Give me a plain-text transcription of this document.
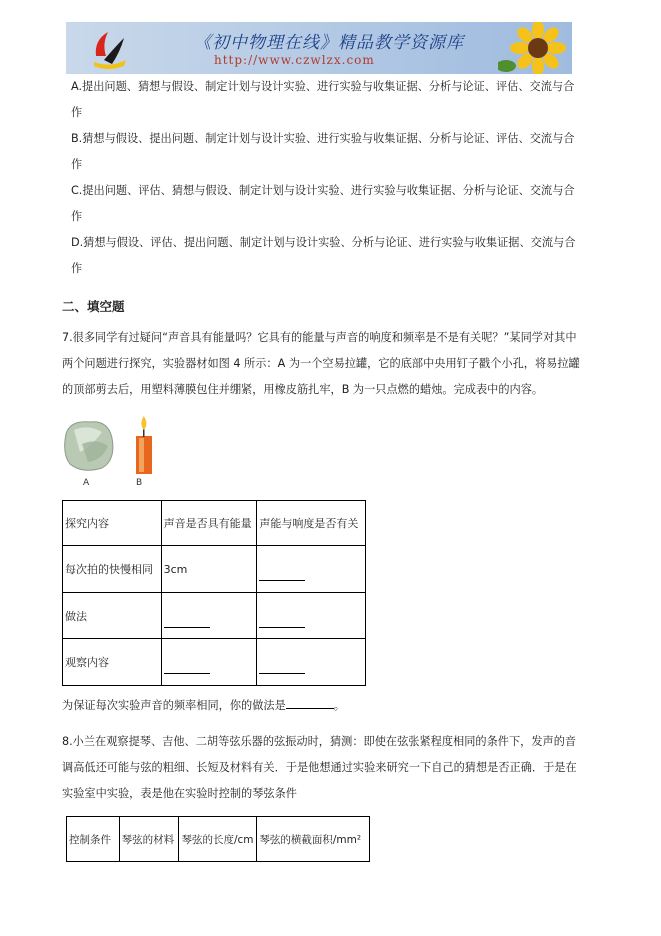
《初中物理在线》精品教学资源库
http://www.czwlzx.com
A.提出问题、猜想与假设、制定计划与设计实验、进行实验与收集证据、分析与论证、评估、交流与合
作
B.猜想与假设、提出问题、制定计划与设计实验、进行实验与收集证据、分析与论证、评估、交流与合
作
C.提出问题、评估、猜想与假设、制定计划与设计实验、进行实验与收集证据、分析与论证、交流与合
作
D.猜想与假设、评估、提出问题、制定计划与设计实验、分析与论证、进行实验与收集证据、交流与合
作
二、填空题
7.很多同学有过疑问“声音具有能量吗？它具有的能量与声音的响度和频率是不是有关呢？”某同学对其中
两个问题进行探究，实验器材如图 4 所示：A 为一个空易拉罐，它的底部中央用钉子戳个小孔，将易拉罐
的顶部剪去后，用塑料薄膜包住并绷紧，用橡皮筋扎牢，B 为一只点燃的蜡烛。完成表中的内容。
A	B
探究内容	声音是否具有能量	声能与响度是否有关
每次拍的快慢相同	3cm	
做法		
观察内容		
为保证每次实验声音的频率相同，你的做法是	。
8.小兰在观察提琴、吉他、二胡等弦乐器的弦振动时，猜测：即使在弦张紧程度相同的条件下，发声的音
调高低还可能与弦的粗细、长短及材料有关．于是他想通过实验来研究一下自己的猜想是否正确．于是在
实验室中实验，表是他在实验时控制的琴弦条件
控制条件	琴弦的材料	琴弦的长度/cm	琴弦的横截面积/mm²
